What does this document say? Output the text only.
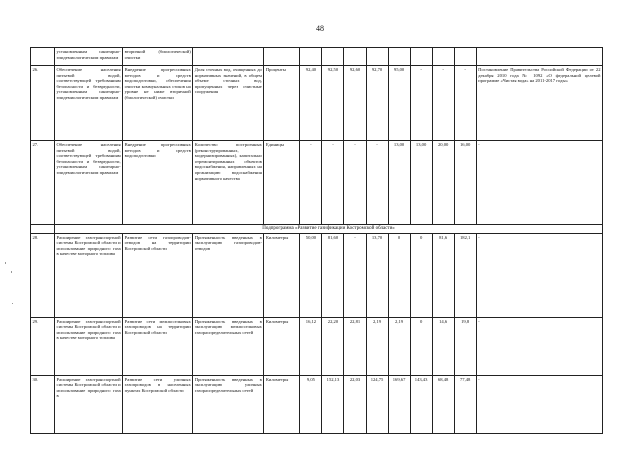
48
	установленным санитарно-эпидемиологическим правилам	вторичной (биологической) очистки											
26.	Обеспечение населения питьевой водой, соответствующей требованиям безопасности и безвредности, установленным санитарно-эпидемиологическим правилам	Внедрение прогрессивных методов и средств водоподготовки, обеспечения очистки коммунальных стоков на уровне не ниже вторичной (биологической) очистки	Доля сточных вод, очищенных до нормативных значений, в общем объеме сточных вод, пропущенных через очистные сооружения	Проценты	92,40	92,50	92,60	92,70	95,00	-	-	-	Постановление Правительства Российской Федерации от 22 декабря 2010 года № 1092 «О федеральной целевой программе «Чистая вода» на 2011-2017 годы»
27.	Обеспечение населения питьевой водой, соответствующей требованиям безопасности и безвредности, установленным санитарно-эпидемиологическим правилам	Внедрение прогрессивных методов и средств водоподготовки	Количество построенных (реконструированных, модернизированных), капитально отремонтированных объектов водоснабжения, направленных на организацию водоснабжения нормативного качества	Единицы	-	-	-	-	13,00	13,00	20,00	16,00	-
	Подпрограмма «Развитие газификации Костромской области»												
28.	Расширение газотранспортной системы Костромской области и использование природного газа в качестве моторного топлива	Развитие сети газопроводов-отводов на территории Костромской области	Протяженность введенных в эксплуатацию газопроводов-отводов	Километры	50,00	81,60	-	13,70	0	0	81,6	182,1	-
29.	Расширение газотранспортной системы Костромской области и использование природного газа в качестве моторного топлива	Развитие сети межпоселковых газопроводов на территории Костромской области	Протяженность введенных в эксплуатацию межпоселковых газораспределительных сетей	Километры	16,12	22,20	22,81	2,19	2,19	0	14,6	19,8	-
30.	Расширение газотранспортной системы Костромской области и использование природного газа в	Развитие сети уличных газопроводов в населенных пунктах Костромской области	Протяженность введенных в эксплуатацию уличных газораспределительных сетей	Километры	9,05	152,13	22,03	124,75	169,67	143,43	68,48	77,48	-
